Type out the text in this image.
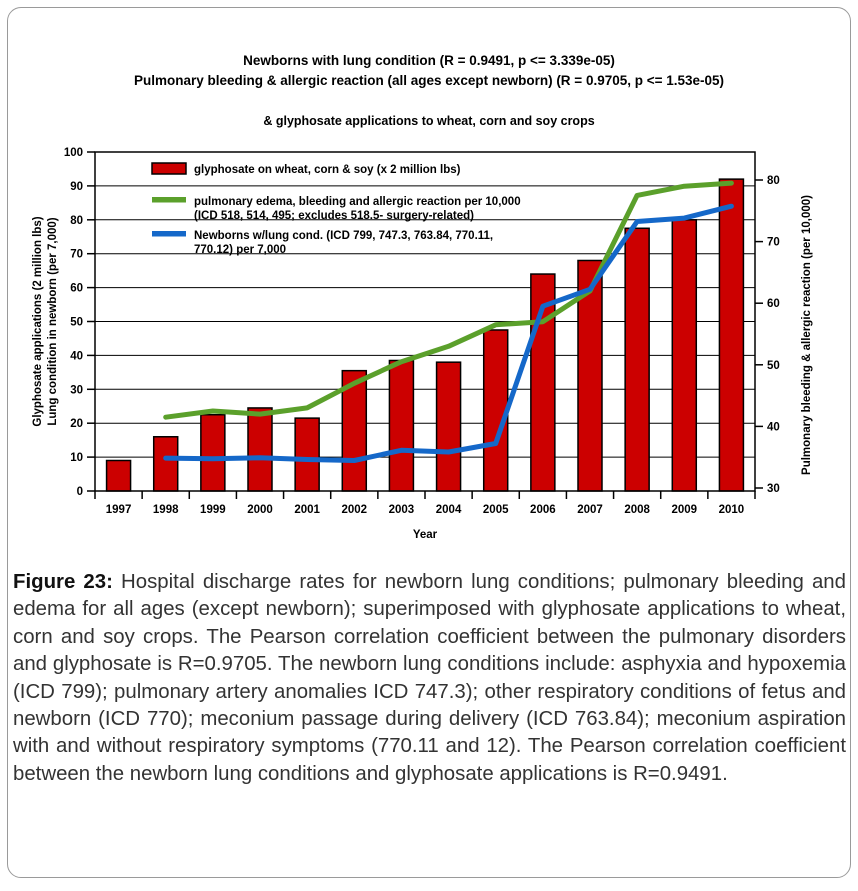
Newborns with lung condition (R = 0.9491, p <= 3.339e-05)
Pulmonary bleeding & allergic reaction (all ages except newborn) (R = 0.9705, p <= 1.53e-05)
& glyphosate applications to wheat, corn and soy crops
0
10
20
30
40
50
60
70
80
90
100
Glyphosate applications (2 million lbs) Lung condition in newborn (per 7,000)
30
40
50
60
70
80
Pulmonary bleeding & allergic reaction (per 10,000)
1997 1998 1999 2000 2001 2002 2003 2004 2005 2006 2007 2008 2009 2010
Year
glyphosate on wheat, corn & soy (x 2 million lbs)
pulmonary edema, bleeding and allergic reaction per 10,000
(ICD 518, 514, 495; excludes 518.5- surgery-related)
Newborns w/lung cond. (ICD 799, 747.3, 763.84, 770.11,
770.12) per 7,000

Figure 23: Hospital discharge rates for newborn lung conditions; pulmonary bleeding and edema for all ages (except newborn); superimposed with glyphosate applications to wheat, corn and soy crops. The Pearson correlation coefficient between the pulmonary disorders and glyphosate is R=0.9705. The newborn lung conditions include: asphyxia and hypoxemia (ICD 799); pulmonary artery anomalies ICD 747.3); other respiratory conditions of fetus and newborn (ICD 770); meconium passage during delivery (ICD 763.84); meconium aspiration with and without respiratory symptoms (770.11 and 12). The Pearson correlation coefficient between the newborn lung conditions and glyphosate applications is R=0.9491.
